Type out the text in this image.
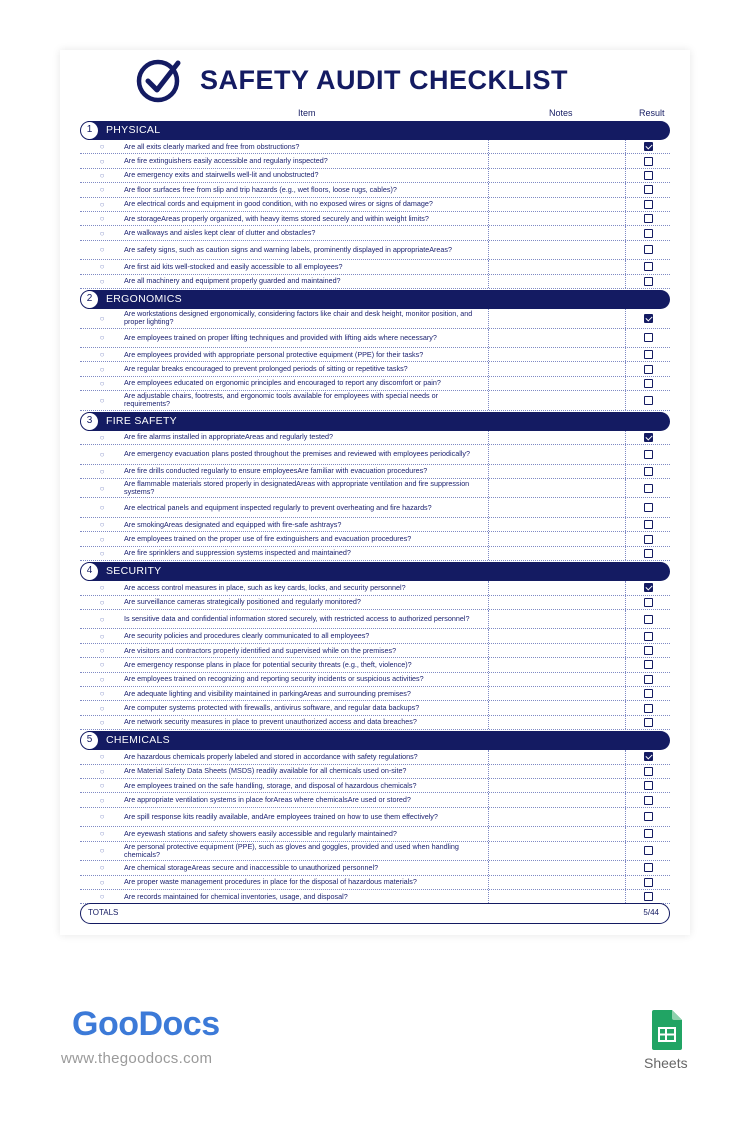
SAFETY AUDIT CHECKLIST
Item	Notes	Result
1	PHYSICAL
○	Are all exits clearly marked and free from obstructions?
○	Are fire extinguishers easily accessible and regularly inspected?
○	Are emergency exits and stairwells well-lit and unobstructed?
○	Are floor surfaces free from slip and trip hazards (e.g., wet floors, loose rugs, cables)?
○	Are electrical cords and equipment in good condition, with no exposed wires or signs of damage?
○	Are storageAreas properly organized, with heavy items stored securely and within weight limits?
○	Are walkways and aisles kept clear of clutter and obstacles?
○	Are safety signs, such as caution signs and warning labels, prominently displayed in appropriateAreas?
○	Are first aid kits well-stocked and easily accessible to all employees?
○	Are all machinery and equipment properly guarded and maintained?
2	ERGONOMICS
○	Are workstations designed ergonomically, considering factors like chair and desk height, monitor position, and proper lighting?
○	Are employees trained on proper lifting techniques and provided with lifting aids where necessary?
○	Are employees provided with appropriate personal protective equipment (PPE) for their tasks?
○	Are regular breaks encouraged to prevent prolonged periods of sitting or repetitive tasks?
○	Are employees educated on ergonomic principles and encouraged to report any discomfort or pain?
○	Are adjustable chairs, footrests, and ergonomic tools available for employees with special needs or requirements?
3	FIRE SAFETY
○	Are fire alarms installed in appropriateAreas and regularly tested?
○	Are emergency evacuation plans posted throughout the premises and reviewed with employees periodically?
○	Are fire drills conducted regularly to ensure employeesAre familiar with evacuation procedures?
○	Are flammable materials stored properly in designatedAreas with appropriate ventilation and fire suppression systems?
○	Are electrical panels and equipment inspected regularly to prevent overheating and fire hazards?
○	Are smokingAreas designated and equipped with fire-safe ashtrays?
○	Are employees trained on the proper use of fire extinguishers and evacuation procedures?
○	Are fire sprinklers and suppression systems inspected and maintained?
4	SECURITY
○	Are access control measures in place, such as key cards, locks, and security personnel?
○	Are surveillance cameras strategically positioned and regularly monitored?
○	Is sensitive data and confidential information stored securely, with restricted access to authorized personnel?
○	Are security policies and procedures clearly communicated to all employees?
○	Are visitors and contractors properly identified and supervised while on the premises?
○	Are emergency response plans in place for potential security threats (e.g., theft, violence)?
○	Are employees trained on recognizing and reporting security incidents or suspicious activities?
○	Are adequate lighting and visibility maintained in parkingAreas and surrounding premises?
○	Are computer systems protected with firewalls, antivirus software, and regular data backups?
○	Are network security measures in place to prevent unauthorized access and data breaches?
5	CHEMICALS
○	Are hazardous chemicals properly labeled and stored in accordance with safety regulations?
○	Are Material Safety Data Sheets (MSDS) readily available for all chemicals used on-site?
○	Are employees trained on the safe handling, storage, and disposal of hazardous chemicals?
○	Are appropriate ventilation systems in place forAreas where chemicalsAre used or stored?
○	Are spill response kits readily available, andAre employees trained on how to use them effectively?
○	Are eyewash stations and safety showers easily accessible and regularly maintained?
○	Are personal protective equipment (PPE), such as gloves and goggles, provided and used when handling chemicals?
○	Are chemical storageAreas secure and inaccessible to unauthorized personnel?
○	Are proper waste management procedures in place for the disposal of hazardous materials?
○	Are records maintained for chemical inventories, usage, and disposal?
TOTALS	5/44
GooDocs
www.thegoodocs.com	Sheets
